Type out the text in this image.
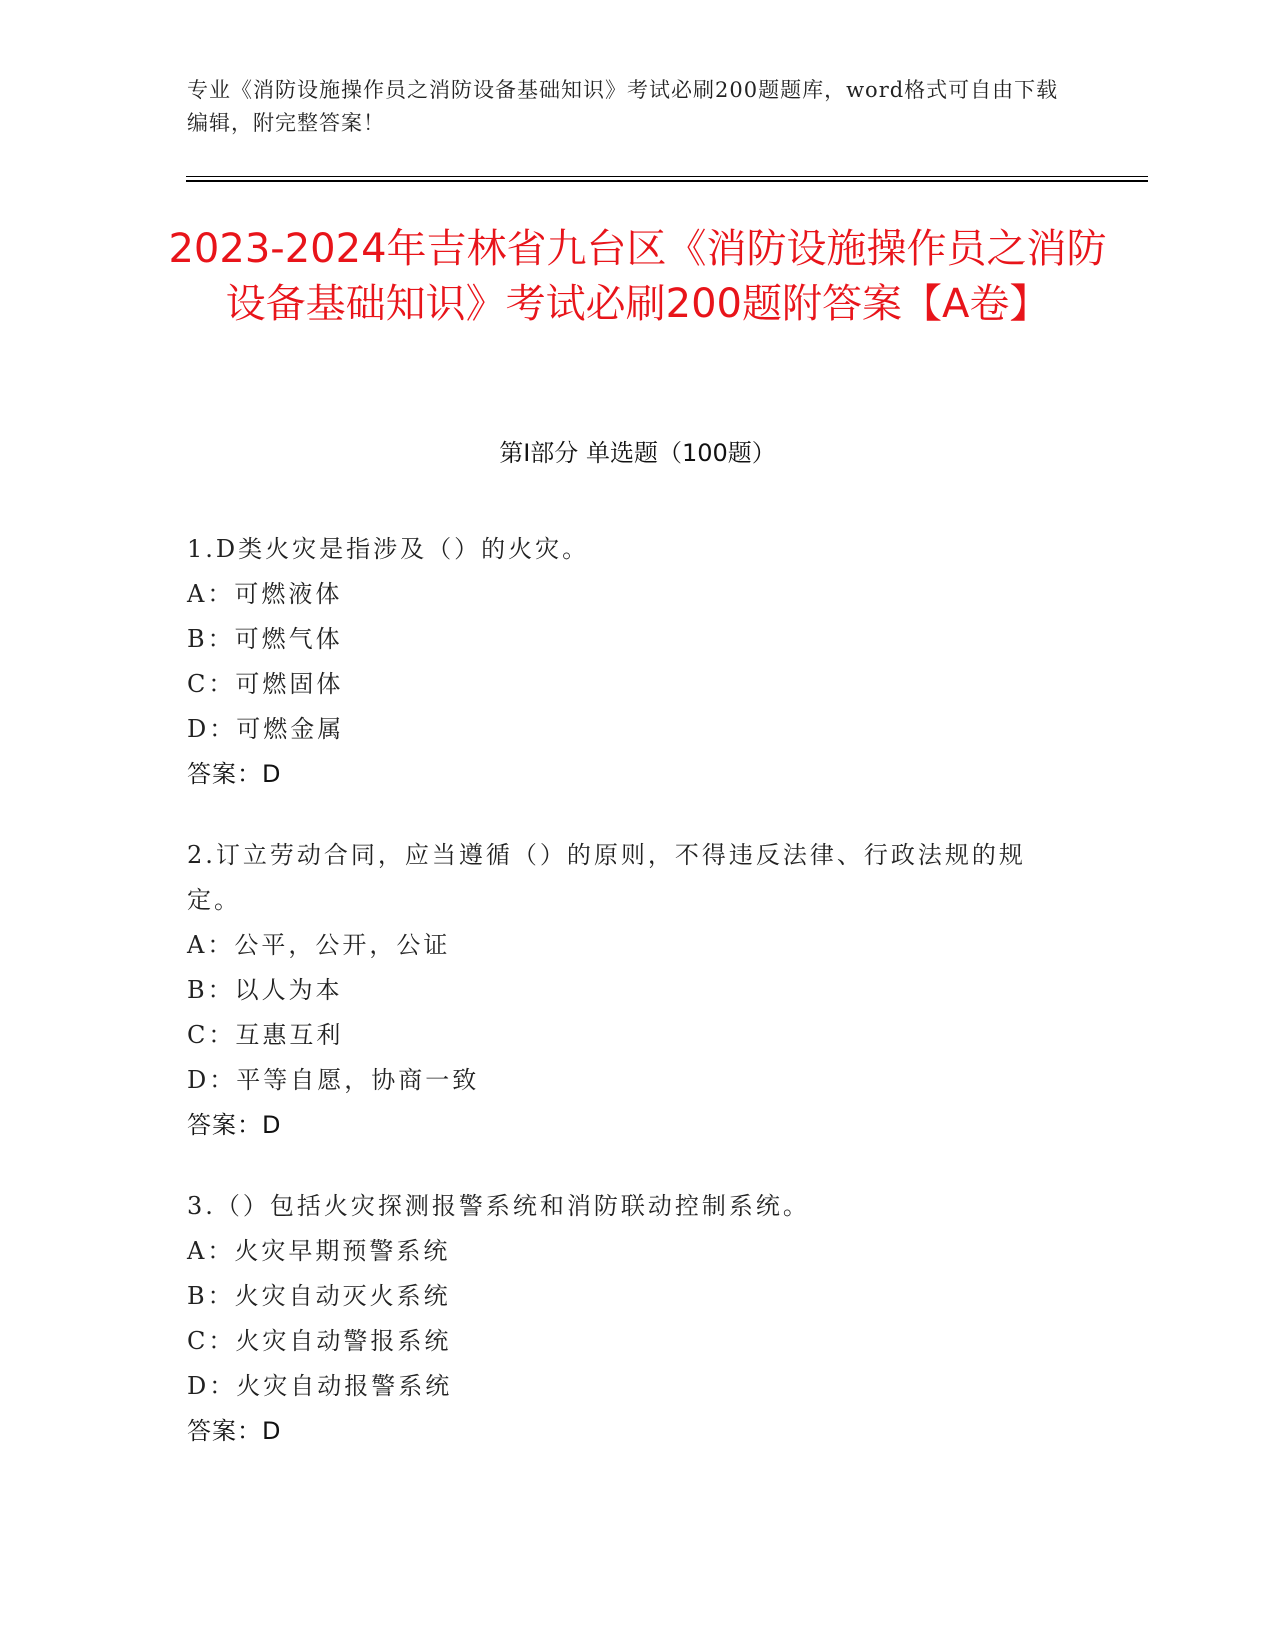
专业《消防设施操作员之消防设备基础知识》考试必刷200题题库，word格式可自由下载编辑，附完整答案！
2023-2024年吉林省九台区《消防设施操作员之消防设备基础知识》考试必刷200题附答案【A卷】
第Ⅰ部分 单选题（100题）
1.D类火灾是指涉及（）的火灾。
A：可燃液体
B：可燃气体
C：可燃固体
D：可燃金属
答案：D
2.订立劳动合同，应当遵循（）的原则，不得违反法律、行政法规的规定。
A：公平，公开，公证
B：以人为本
C：互惠互利
D：平等自愿，协商一致
答案：D
3.（）包括火灾探测报警系统和消防联动控制系统。
A：火灾早期预警系统
B：火灾自动灭火系统
C：火灾自动警报系统
D：火灾自动报警系统
答案：D
